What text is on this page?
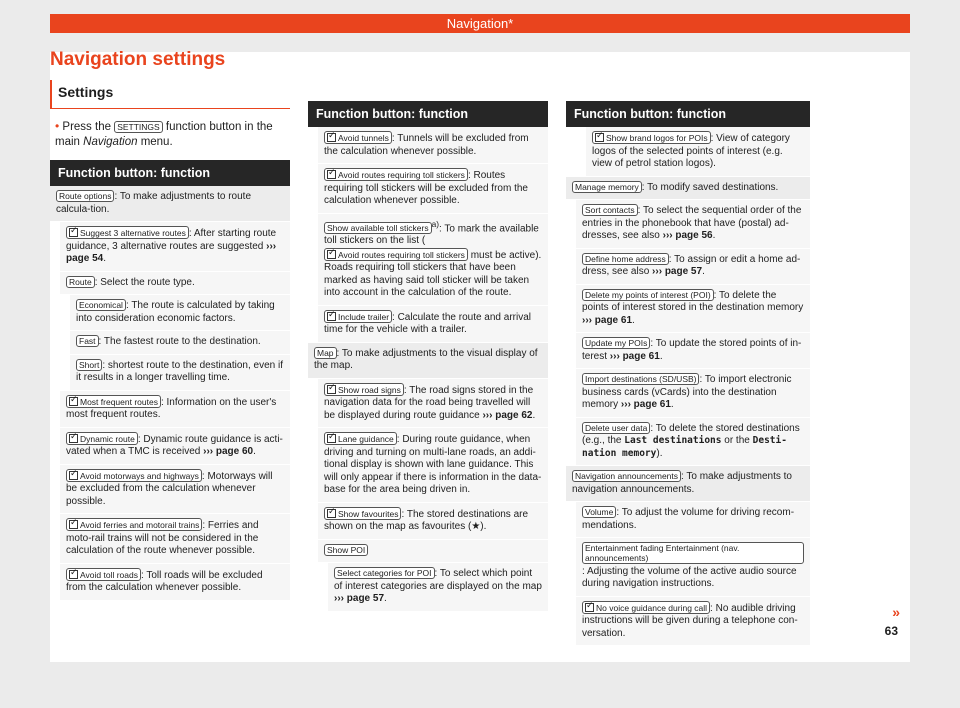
Navigation*
Navigation settings
Settings

• Press the SETTINGS function button in the main Navigation menu.

Function button: function
Route options : To make adjustments to route calcula-tion.
✓Suggest 3 alternative routes : After starting route guidance, 3 alternative routes are suggested ››› page 54.
Route : Select the route type.
Economical : The route is calculated by taking into consideration economic factors.
Fast : The fastest route to the destination.
Short : shortest route to the destination, even if it results in a longer travelling time.
✓Most frequent routes : Information on the user's most frequent routes.
✓Dynamic route : Dynamic route guidance is acti-vated when a TMC is received ››› page 60.
✓Avoid motorways and highways : Motorways will be excluded from the calculation whenever possible.
✓Avoid ferries and motorail trains : Ferries and moto-rail trains will not be considered in the calculation of the route whenever possible.
✓Avoid toll roads : Toll roads will be excluded from the calculation whenever possible.
Function button: function
✓Avoid tunnels : Tunnels will be excluded from the calculation whenever possible.
✓Avoid routes requiring toll stickers : Routes requiring toll stickers will be excluded from the calculation whenever possible.
Show available toll stickers $^{a)}$: To mark the available toll stickers on the list (✓Avoid routes requiring toll stickers must be active). Roads requiring toll stickers that have been marked as having said toll sticker will be taken into account in the calculation of the route.
✓Include trailer : Calculate the route and arrival time for the vehicle with a trailer.
Map : To make adjustments to the visual display of the map.
✓Show road signs : The road signs stored in the navigation data for the road being travelled will be displayed during route guidance ››› page 62.
✓Lane guidance : During route guidance, when driving and turning on multi-lane roads, an addi-tional display is shown with lane guidance. This will only appear if there is information in the data-base for the area being driven in.
✓Show favourites : The stored destinations are shown on the map as favourites (★).
Show POI
Select categories for POI : To select which point of interest categories are displayed on the map ››› page 57.
Function button: function
✓Show brand logos for POIs : View of category logos of the selected points of interest (e.g. view of petrol station logos).
Manage memory : To modify saved destinations.
Sort contacts : To select the sequential order of the entries in the phonebook that have (postal) ad-dresses, see also ››› page 56.
Define home address : To assign or edit a home ad-dress, see also ››› page 57.
Delete my points of interest (POI) : To delete the points of interest stored in the destination memory ››› page 61.
Update my POIs : To update the stored points of in-terest ››› page 61.
Import destinations (SD/USB) : To import electronic business cards (vCards) into the destination memory ››› page 61.
Delete user data : To delete the stored destinations (e.g., the Last destinations or the Desti-nation memory).
Navigation announcements : To make adjustments to navigation announcements.
Volume : To adjust the volume for driving recom-mendations.
Entertainment fading Entertainment (nav. announcements): Adjusting the volume of the active audio source during navigation instructions.
✓No voice guidance during call : No audible driving instructions will be given during a telephone con-versation.
»
63
